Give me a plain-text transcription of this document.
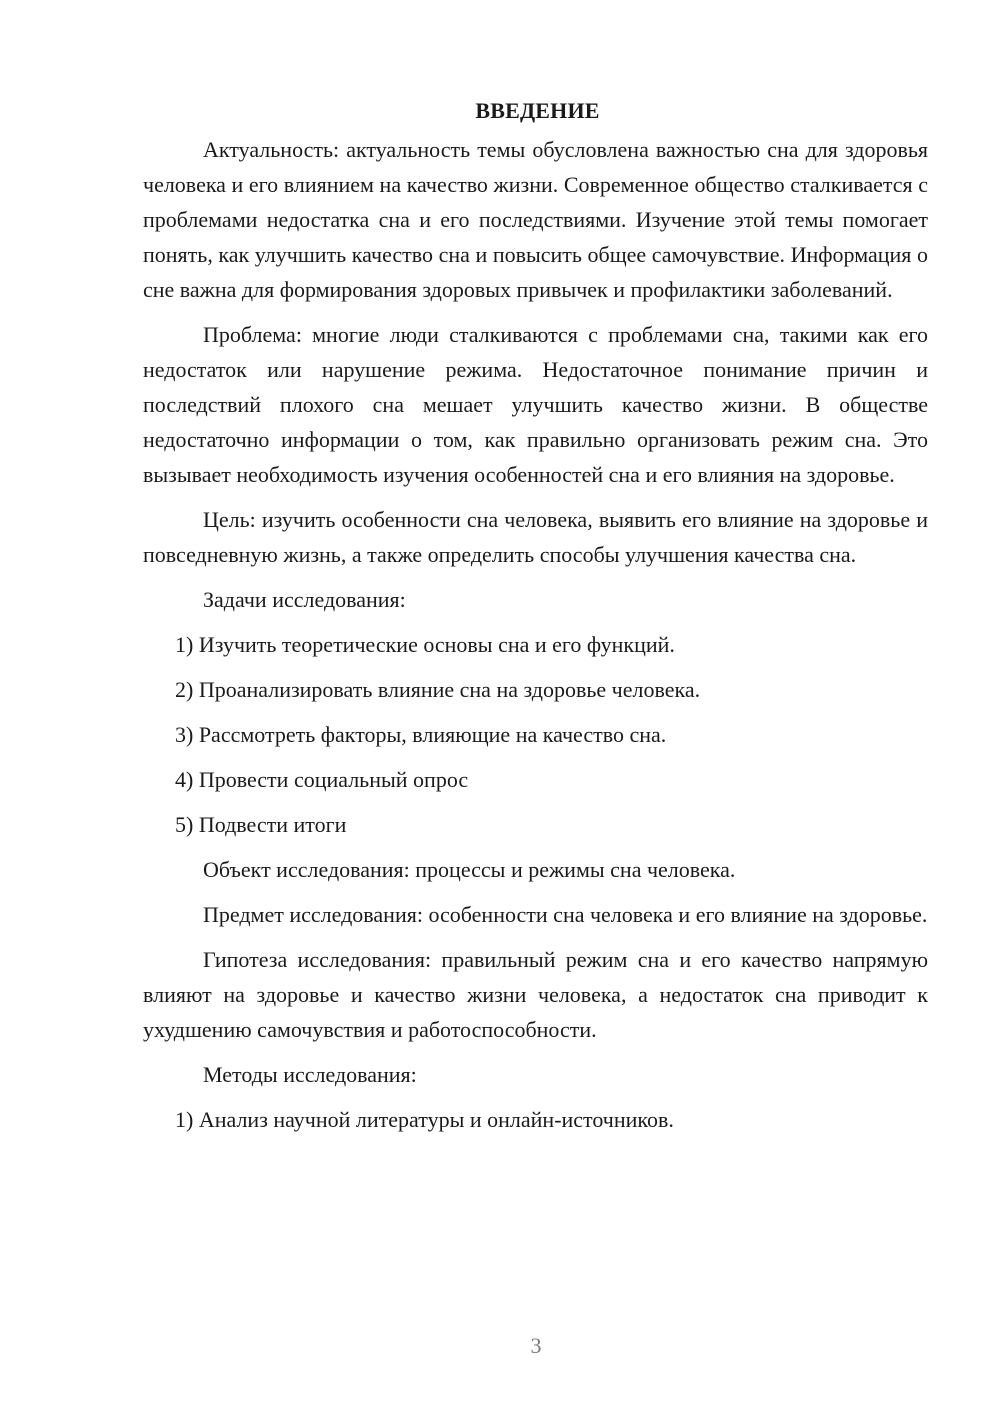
ВВЕДЕНИЕ

Актуальность: актуальность темы обусловлена важностью сна для здоровья человека и его влиянием на качество жизни. Современное общество сталкивается с проблемами недостатка сна и его последствиями. Изучение этой темы помогает понять, как улучшить качество сна и повысить общее самочувствие. Информация о сне важна для формирования здоровых привычек и профилактики заболеваний.

Проблема: многие люди сталкиваются с проблемами сна, такими как его недостаток или нарушение режима. Недостаточное понимание причин и последствий плохого сна мешает улучшить качество жизни. В обществе недостаточно информации о том, как правильно организовать режим сна. Это вызывает необходимость изучения особенностей сна и его влияния на здоровье.

Цель: изучить особенности сна человека, выявить его влияние на здоровье и повседневную жизнь, а также определить способы улучшения качества сна.

Задачи исследования:

1) Изучить теоретические основы сна и его функций.

2) Проанализировать влияние сна на здоровье человека.

3) Рассмотреть факторы, влияющие на качество сна.

4) Провести социальный опрос

5) Подвести итоги

Объект исследования: процессы и режимы сна человека.

Предмет исследования: особенности сна человека и его влияние на здоровье.

Гипотеза исследования: правильный режим сна и его качество напрямую влияют на здоровье и качество жизни человека, а недостаток сна приводит к ухудшению самочувствия и работоспособности.

Методы исследования:

1) Анализ научной литературы и онлайн-источников.

3
